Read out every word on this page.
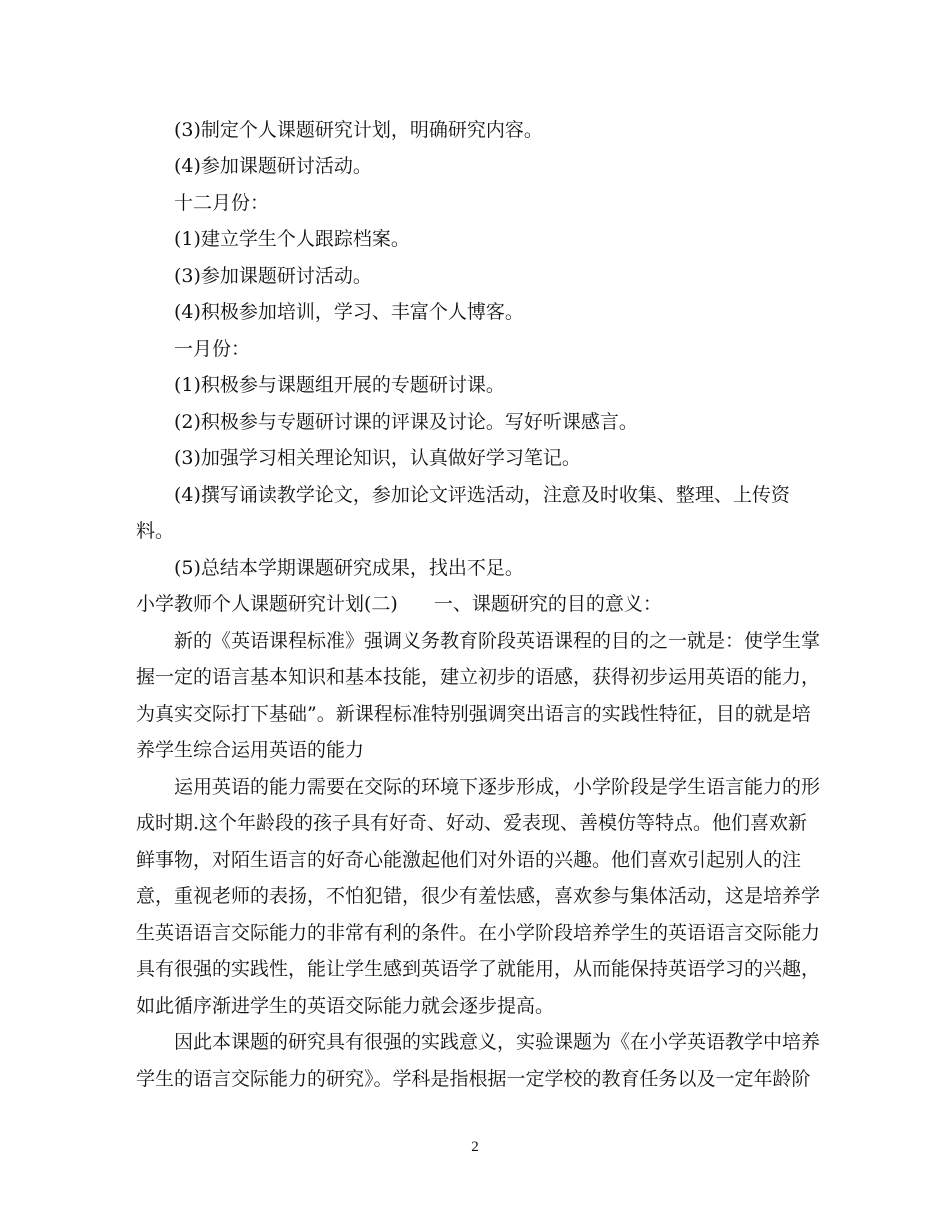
(3)制定个人课题研究计划，明确研究内容。
(4)参加课题研讨活动。
十二月份：
(1)建立学生个人跟踪档案。
(3)参加课题研讨活动。
(4)积极参加培训，学习、丰富个人博客。
一月份：
(1)积极参与课题组开展的专题研讨课。
(2)积极参与专题研讨课的评课及讨论。写好听课感言。
(3)加强学习相关理论知识，认真做好学习笔记。
(4)撰写诵读教学论文，参加论文评选活动，注意及时收集、整理、上传资
料。
(5)总结本学期课题研究成果，找出不足。
小学教师个人课题研究计划(二) 一、课题研究的目的意义：
新的《英语课程标准》强调义务教育阶段英语课程的目的之一就是：使学生掌
握一定的语言基本知识和基本技能，建立初步的语感，获得初步运用英语的能力，
为真实交际打下基础”。新课程标准特别强调突出语言的实践性特征，目的就是培
养学生综合运用英语的能力
运用英语的能力需要在交际的环境下逐步形成，小学阶段是学生语言能力的形
成时期.这个年龄段的孩子具有好奇、好动、爱表现、善模仿等特点。他们喜欢新
鲜事物，对陌生语言的好奇心能激起他们对外语的兴趣。他们喜欢引起别人的注
意，重视老师的表扬，不怕犯错，很少有羞怯感，喜欢参与集体活动，这是培养学
生英语语言交际能力的非常有利的条件。在小学阶段培养学生的英语语言交际能力
具有很强的实践性，能让学生感到英语学了就能用，从而能保持英语学习的兴趣，
如此循序渐进学生的英语交际能力就会逐步提高。
因此本课题的研究具有很强的实践意义，实验课题为《在小学英语教学中培养
学生的语言交际能力的研究》。学科是指根据一定学校的教育任务以及一定年龄阶
2
